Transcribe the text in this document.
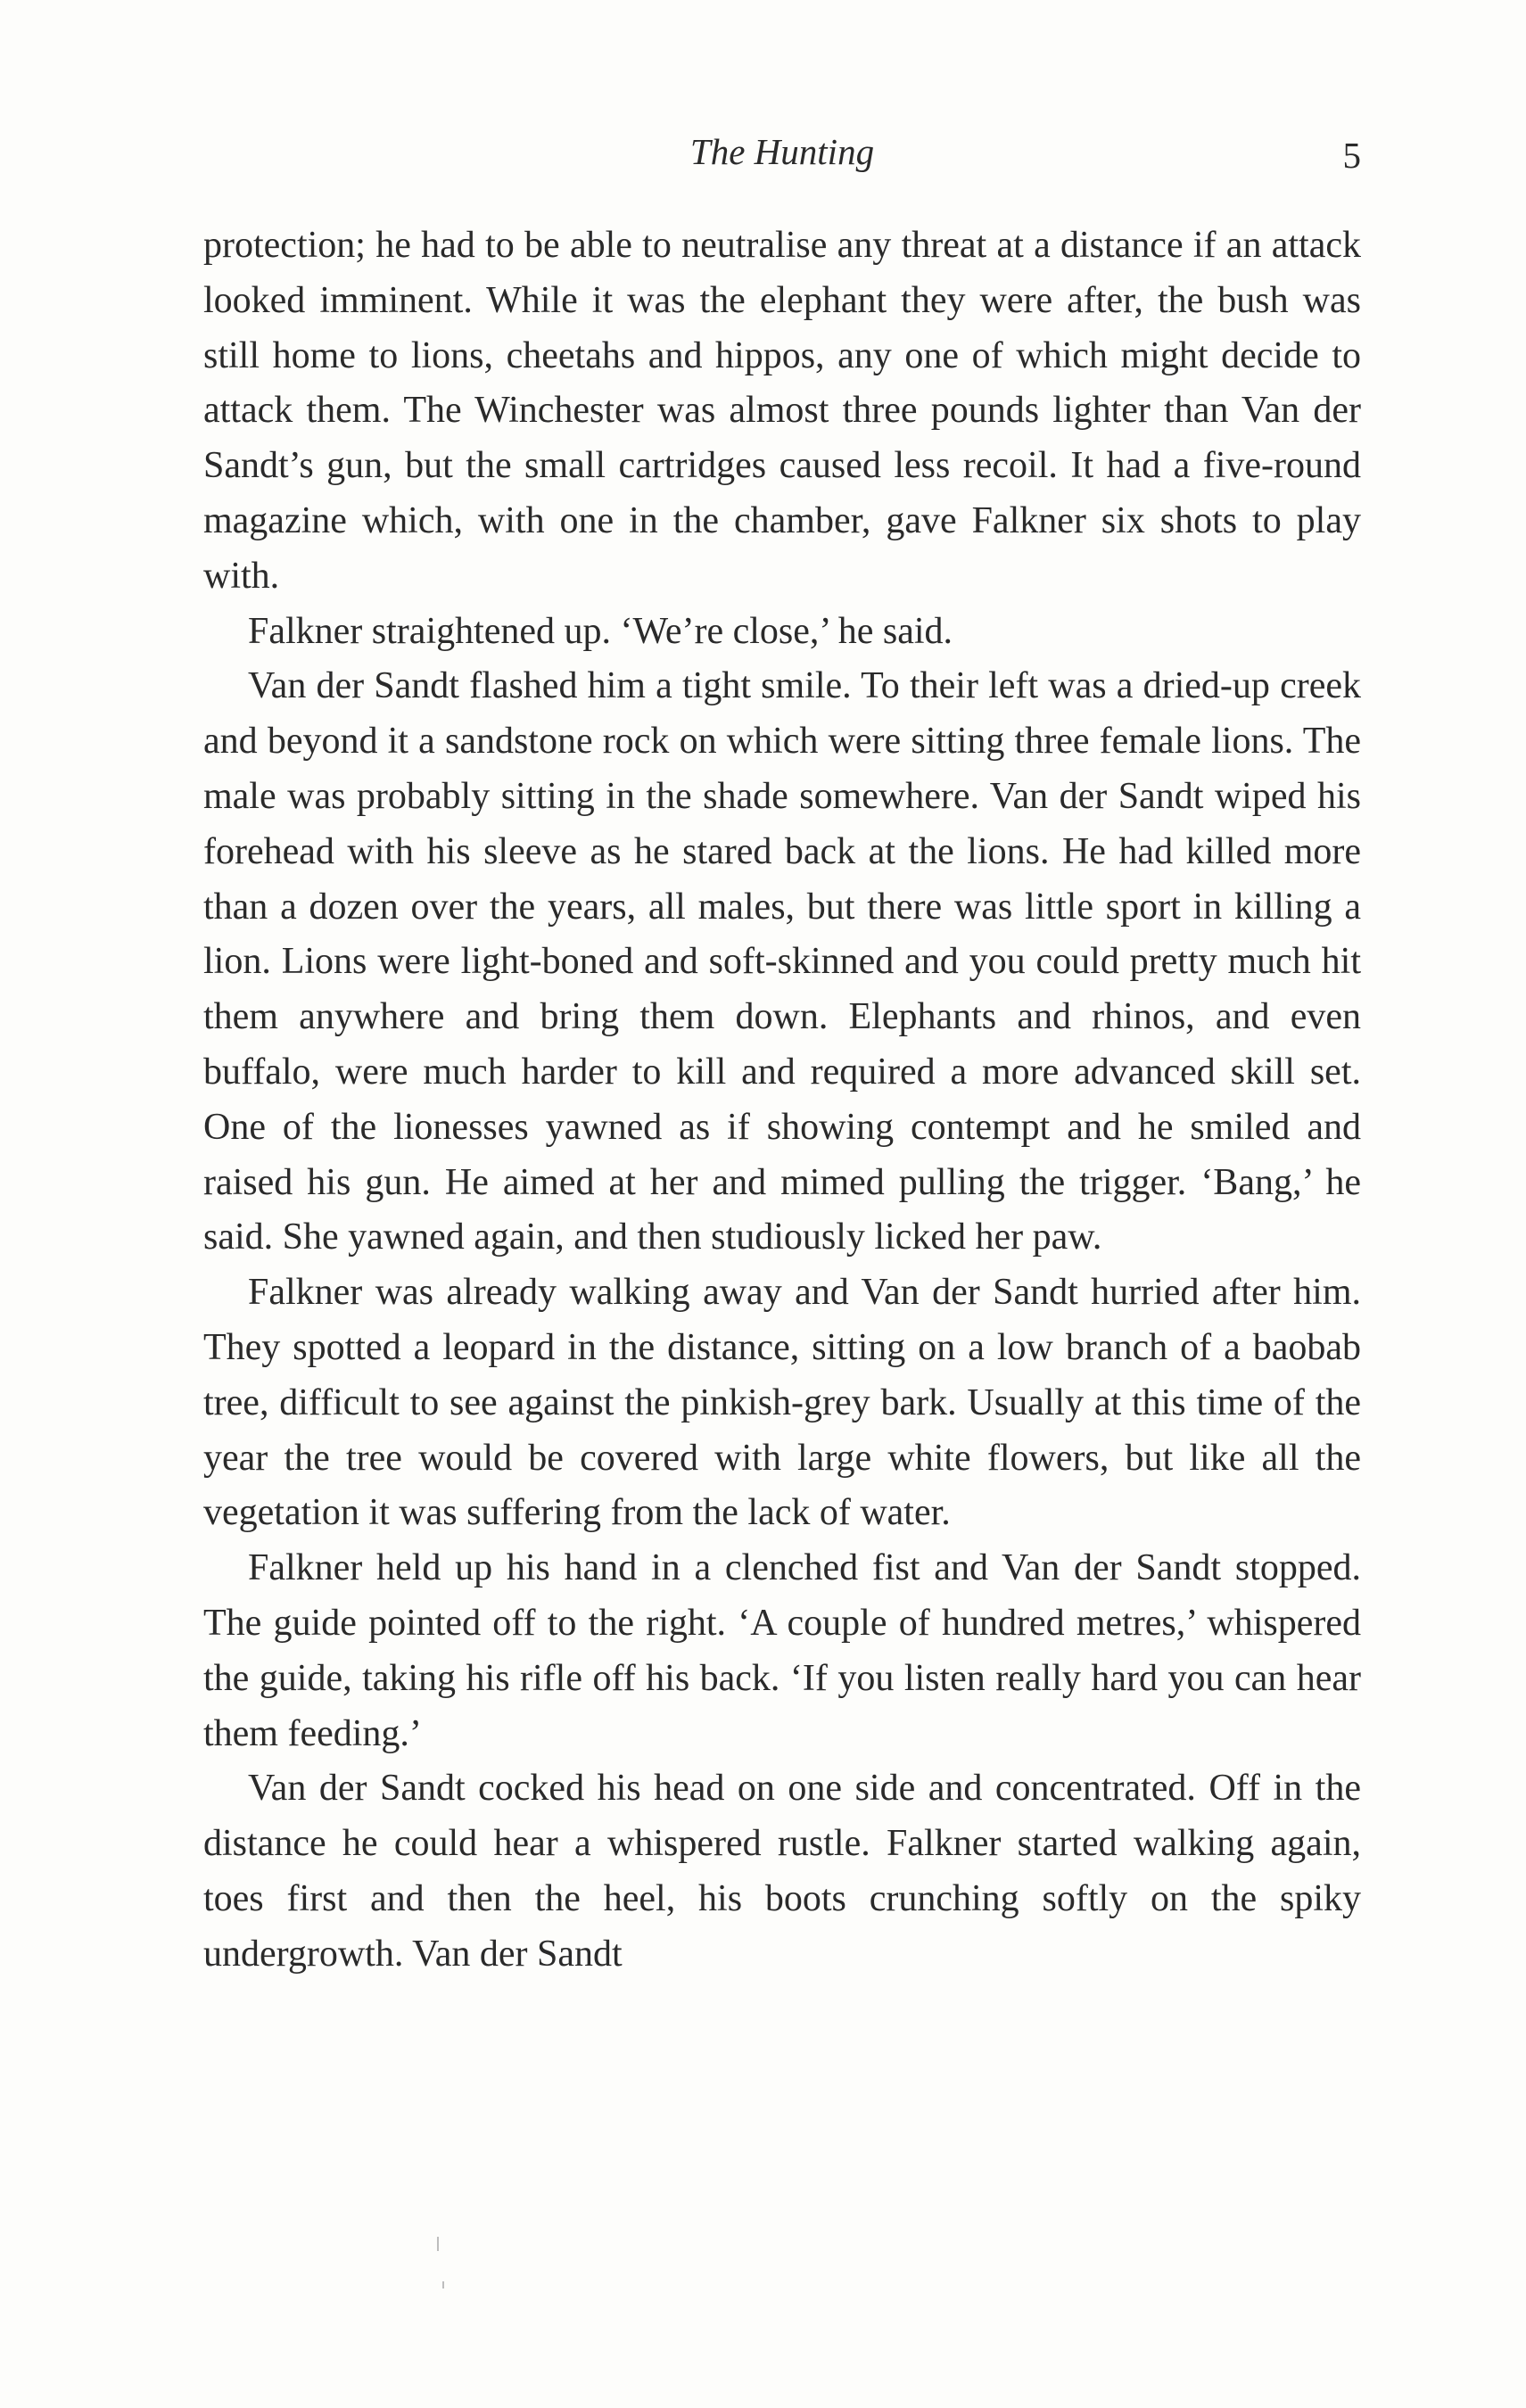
The Hunting	5

protection; he had to be able to neutralise any threat at a distance if an attack looked imminent. While it was the elephant they were after, the bush was still home to lions, cheetahs and hippos, any one of which might decide to attack them. The Winchester was almost three pounds lighter than Van der Sandt’s gun, but the small cartridges caused less recoil. It had a five-round magazine which, with one in the chamber, gave Falkner six shots to play with.

Falkner straightened up. ‘We’re close,’ he said.

Van der Sandt flashed him a tight smile. To their left was a dried-up creek and beyond it a sandstone rock on which were sitting three female lions. The male was probably sitting in the shade somewhere. Van der Sandt wiped his forehead with his sleeve as he stared back at the lions. He had killed more than a dozen over the years, all males, but there was little sport in killing a lion. Lions were light-boned and soft-skinned and you could pretty much hit them anywhere and bring them down. Elephants and rhinos, and even buffalo, were much harder to kill and required a more advanced skill set. One of the lionesses yawned as if showing contempt and he smiled and raised his gun. He aimed at her and mimed pulling the trigger. ‘Bang,’ he said. She yawned again, and then studiously licked her paw.

Falkner was already walking away and Van der Sandt hurried after him. They spotted a leopard in the distance, sitting on a low branch of a baobab tree, difficult to see against the pinkish-grey bark. Usually at this time of the year the tree would be covered with large white flowers, but like all the vegetation it was suffering from the lack of water.

Falkner held up his hand in a clenched fist and Van der Sandt stopped. The guide pointed off to the right. ‘A couple of hundred metres,’ whispered the guide, taking his rifle off his back. ‘If you listen really hard you can hear them feeding.’

Van der Sandt cocked his head on one side and concentrated. Off in the distance he could hear a whispered rustle. Falkner started walking again, toes first and then the heel, his boots crunching softly on the spiky undergrowth. Van der Sandt
